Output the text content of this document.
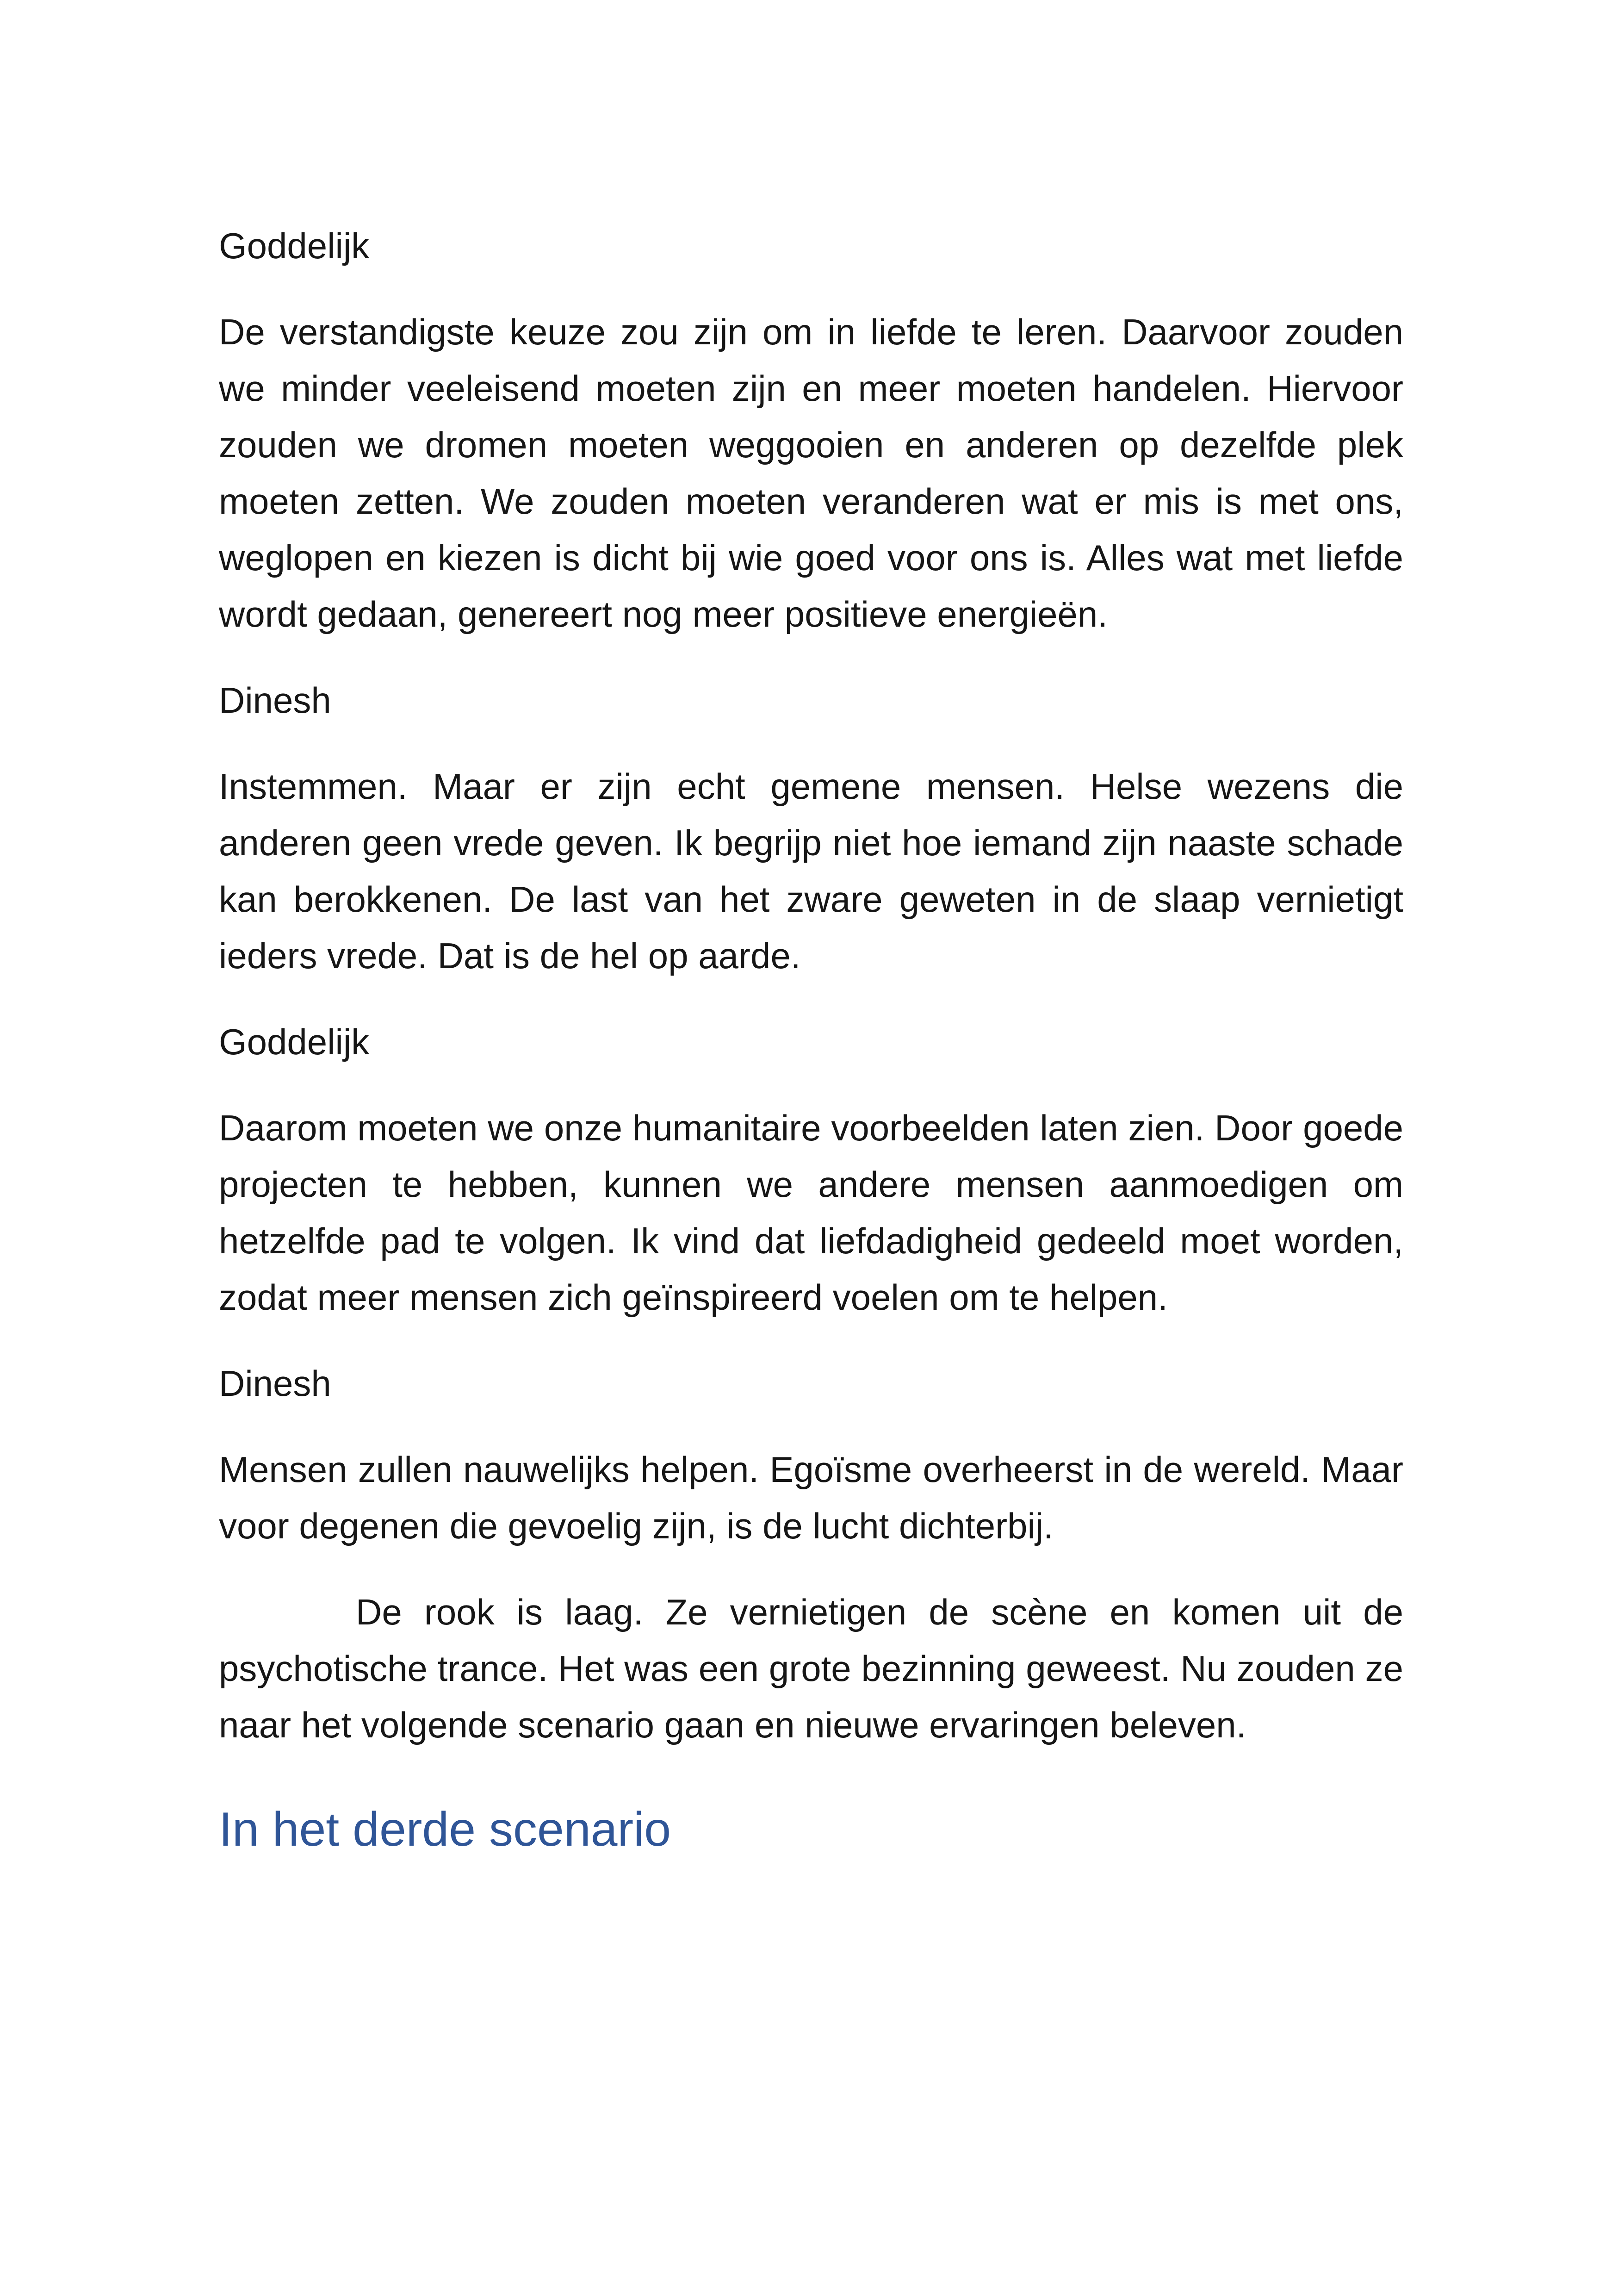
Goddelijk

De verstandigste keuze zou zijn om in liefde te leren. Daarvoor zouden we minder veeleisend moeten zijn en meer moeten handelen. Hiervoor zouden we dromen moeten weggooien en anderen op dezelfde plek moeten zetten. We zouden moeten veranderen wat er mis is met ons, weglopen en kiezen is dicht bij wie goed voor ons is. Alles wat met liefde wordt gedaan, genereert nog meer positieve energieën.

Dinesh

Instemmen. Maar er zijn echt gemene mensen. Helse wezens die anderen geen vrede geven. Ik begrijp niet hoe iemand zijn naaste schade kan berokkenen. De last van het zware geweten in de slaap vernietigt ieders vrede. Dat is de hel op aarde.

Goddelijk

Daarom moeten we onze humanitaire voorbeelden laten zien. Door goede projecten te hebben, kunnen we andere mensen aanmoedigen om hetzelfde pad te volgen. Ik vind dat liefdadigheid gedeeld moet worden, zodat meer mensen zich geïnspireerd voelen om te helpen.

Dinesh

Mensen zullen nauwelijks helpen. Egoïsme overheerst in de wereld. Maar voor degenen die gevoelig zijn, is de lucht dichterbij.

De rook is laag. Ze vernietigen de scène en komen uit de psychotische trance. Het was een grote bezinning geweest. Nu zouden ze naar het volgende scenario gaan en nieuwe ervaringen beleven.

In het derde scenario
